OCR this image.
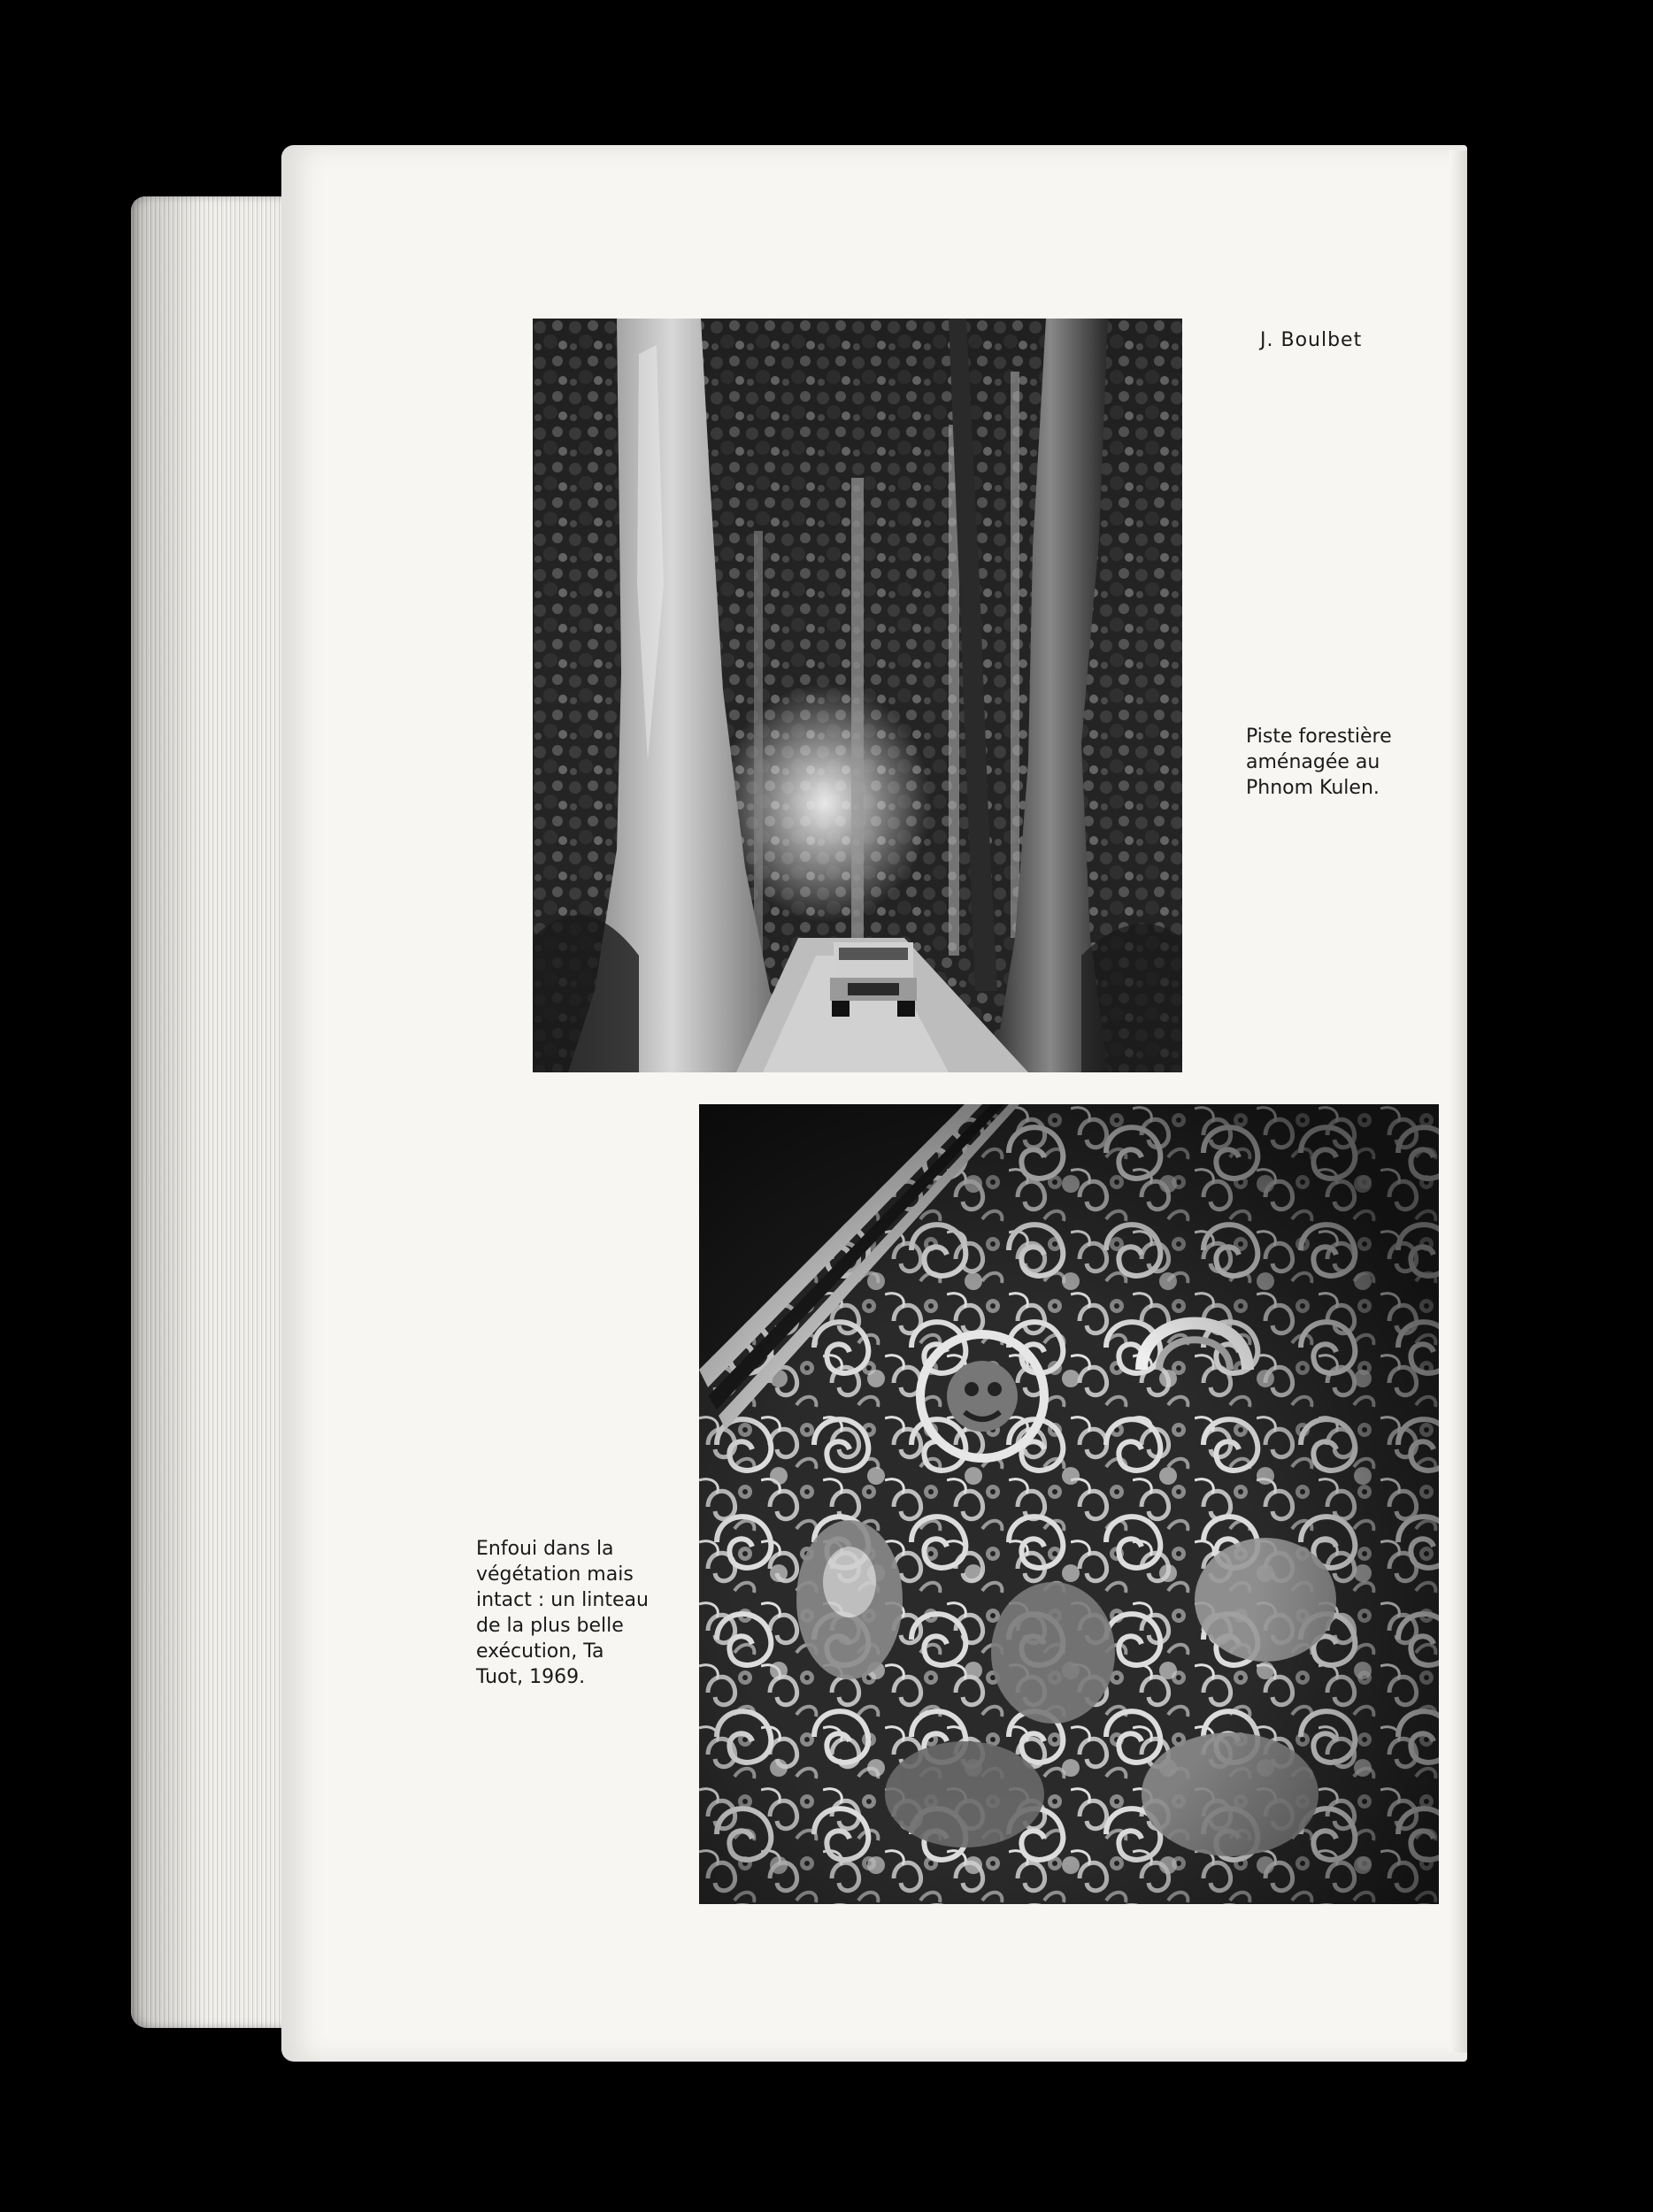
J. Boulbet
Piste forestière
aménagée au
Phnom Kulen.
Enfoui dans la
végétation mais
intact : un linteau
de la plus belle
exécution, Ta
Tuot, 1969.
